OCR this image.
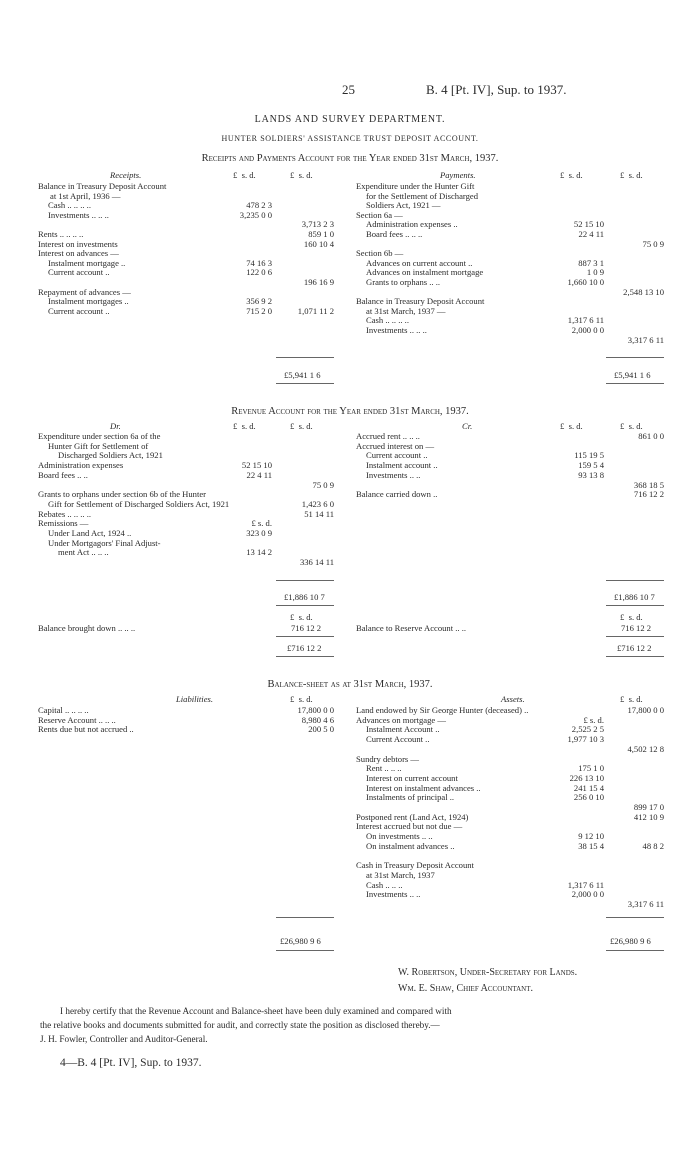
25	B. 4 [Pt. IV], Sup. to 1937.
LANDS AND SURVEY DEPARTMENT.
HUNTER SOLDIERS' ASSISTANCE TRUST DEPOSIT ACCOUNT.
Receipts and Payments Account for the Year ended 31st March, 1937.
Receipts.	£ s. d.	£ s. d.	Payments.	£ s. d.	£ s. d.
Balance in Treasury Deposit Account
at 1st April, 1936 —
Cash .. .. .. ..	478 2 3
Investments .. .. ..	3,235 0 0
3,713 2 3
Rents .. .. .. ..	859 1 0
Interest on investments	160 10 4
Interest on advances —
Instalment mortgage ..	74 16 3
Current account ..	122 0 6
196 16 9
Repayment of advances —
Instalment mortgages ..	356 9 2
Current account ..	715 2 0	1,071 11 2
Expenditure under the Hunter Gift
for the Settlement of Discharged
Soldiers Act, 1921 —
Section 6a —
Administration expenses ..	52 15 10
Board fees .. .. ..	22 4 11
75 0 9
Section 6b —
Advances on current account ..	887 3 1
Advances on instalment mortgage	1 0 9
Grants to orphans .. ..	1,660 10 0
2,548 13 10
Balance in Treasury Deposit Account
at 31st March, 1937 —
Cash .. .. .. ..	1,317 6 11
Investments .. .. ..	2,000 0 0
3,317 6 11
£5,941 1 6	£5,941 1 6
Revenue Account for the Year ended 31st March, 1937.
Dr.	Cr.
£ s. d.	£ s. d.	£ s. d.	£ s. d.
Expenditure under section 6a of the
Hunter Gift for Settlement of
Discharged Soldiers Act, 1921
Administration expenses	52 15 10
Board fees .. ..	22 4 11
75 0 9
Grants to orphans under section 6b of the Hunter
Gift for Settlement of Discharged Soldiers Act, 1921	1,423 6 0
Rebates .. .. .. ..	51 14 11
Remissions —	£ s. d.
Under Land Act, 1924 ..	323 0 9
Under Mortgagors' Final Adjust-
ment Act .. .. ..	13 14 2
336 14 11
Accrued rent .. .. ..	861 0 0
Accrued interest on —
Current account ..	115 19 5
Instalment account ..	159 5 4
Investments .. ..	93 13 8
368 18 5
Balance carried down ..	716 12 2
£1,886 10 7	£1,886 10 7
£ s. d.	£ s. d.
Balance brought down .. .. ..	716 12 2	Balance to Reserve Account .. ..	716 12 2
£716 12 2	£716 12 2
Balance-sheet as at 31st March, 1937.
Liabilities.	Assets.
£ s. d.	£ s. d.
Capital .. .. .. ..	17,800 0 0
Reserve Account .. .. ..	8,980 4 6
Rents due but not accrued ..	200 5 0
Land endowed by Sir George Hunter (deceased) ..	17,800 0 0
Advances on mortgage —	£ s. d.
Instalment Account ..	2,525 2 5
Current Account ..	1,977 10 3
4,502 12 8
Sundry debtors —
Rent .. .. ..	175 1 0
Interest on current account	226 13 10
Interest on instalment advances ..	241 15 4
Instalments of principal ..	256 0 10
899 17 0
Postponed rent (Land Act, 1924)	412 10 9
Interest accrued but not due —
On investments .. ..	9 12 10
On instalment advances ..	38 15 4	48 8 2
Cash in Treasury Deposit Account
at 31st March, 1937
Cash .. .. ..	1,317 6 11
Investments .. ..	2,000 0 0
3,317 6 11
£26,980 9 6	£26,980 9 6
W. Robertson, Under-Secretary for Lands.
Wm. E. Shaw, Chief Accountant.
I hereby certify that the Revenue Account and Balance-sheet have been duly examined and compared with
the relative books and documents submitted for audit, and correctly state the position as disclosed thereby.—
J. H. Fowler, Controller and Auditor-General.
4—B. 4 [Pt. IV], Sup. to 1937.
